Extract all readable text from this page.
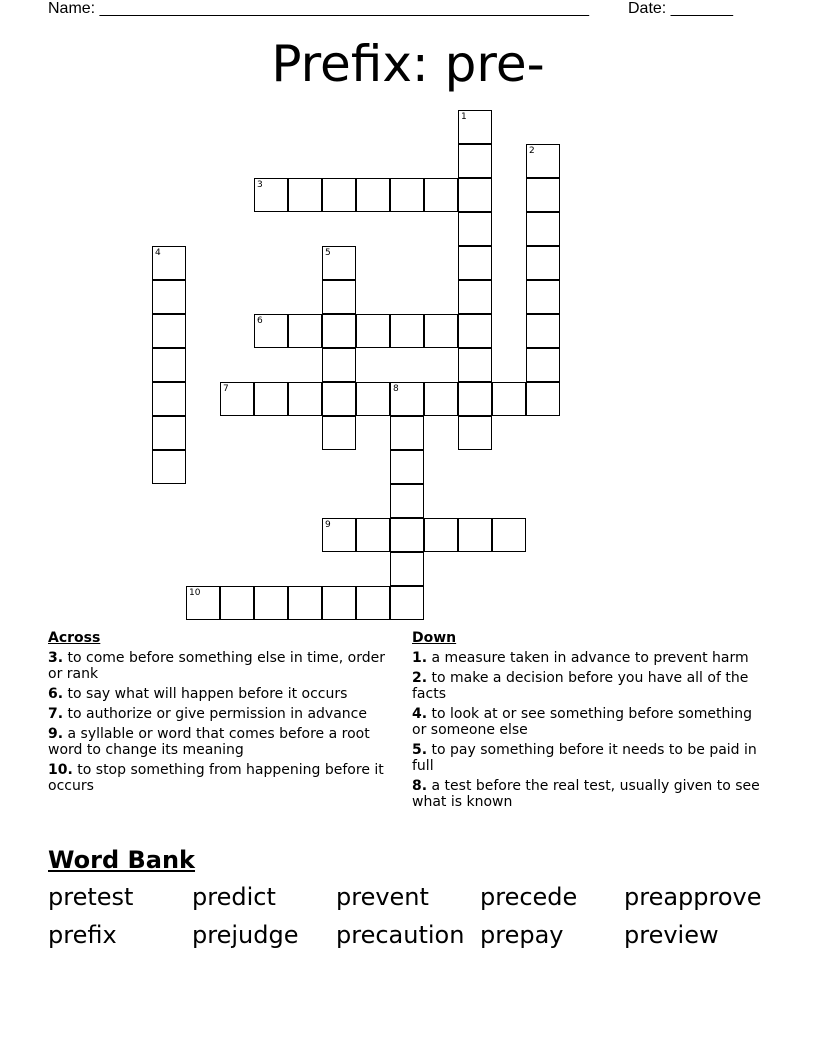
Name: _______________________________________________________ Date: _______
Prefix: pre-
1
2
3
4	5
6
7	8
9
10
Across
3. to come before something else in time, order or rank
6. to say what will happen before it occurs
7. to authorize or give permission in advance
9. a syllable or word that comes before a root word to change its meaning
10. to stop something from happening before it occurs
Down
1. a measure taken in advance to prevent harm
2. to make a decision before you have all of the facts
4. to look at or see something before something or someone else
5. to pay something before it needs to be paid in full
8. a test before the real test, usually given to see what is known
Word Bank
pretest	predict	prevent	precede	preapprove
prefix	prejudge	precaution prepay	preview
